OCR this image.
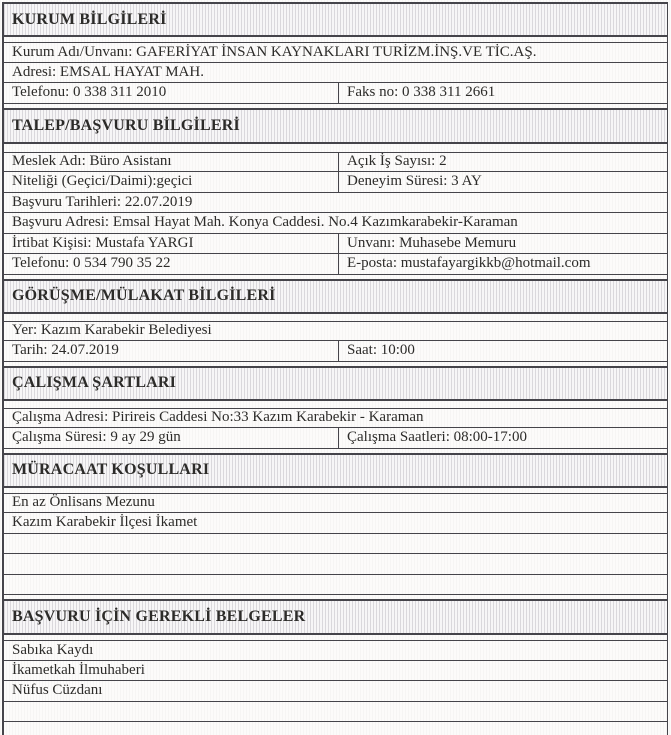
KURUM BİLGİLERİ
Kurum Adı/Unvanı: GAFERİYAT İNSAN KAYNAKLARI TURİZM.İNŞ.VE TİC.AŞ.
Adresi: EMSAL HAYAT MAH.
Telefonu: 0 338 311 2010	Faks no: 0 338 311 2661
TALEP/BAŞVURU BİLGİLERİ
Meslek Adı: Büro Asistanı	Açık İş Sayısı: 2
Niteliği (Geçici/Daimi):geçici	Deneyim Süresi: 3 AY
Başvuru Tarihleri: 22.07.2019
Başvuru Adresi: Emsal Hayat Mah. Konya Caddesi. No.4 Kazımkarabekir-Karaman
İrtibat Kişisi: Mustafa YARGI	Unvanı: Muhasebe Memuru
Telefonu: 0 534 790 35 22	E-posta: mustafayargikkb@hotmail.com
GÖRÜŞME/MÜLAKAT BİLGİLERİ
Yer: Kazım Karabekir Belediyesi
Tarih: 24.07.2019	Saat: 10:00
ÇALIŞMA ŞARTLARI
Çalışma Adresi: Pirireis Caddesi No:33 Kazım Karabekir - Karaman
Çalışma Süresi: 9 ay 29 gün	Çalışma Saatleri: 08:00-17:00
MÜRACAAT KOŞULLARI
En az Önlisans Mezunu
Kazım Karabekir İlçesi İkamet
BAŞVURU İÇİN GEREKLİ BELGELER
Sabıka Kaydı
İkametkah İlmuhaberi
Nüfus Cüzdanı
